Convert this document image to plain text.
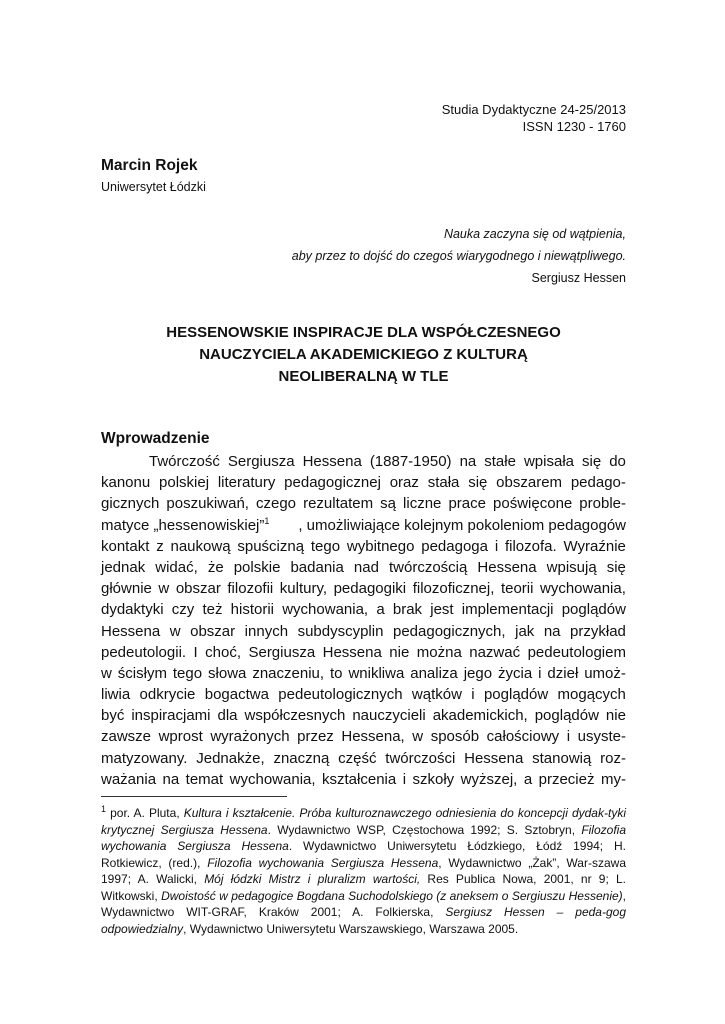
Studia Dydaktyczne 24-25/2013
ISSN 1230 - 1760
Marcin Rojek
Uniwersytet Łódzki
Nauka zaczyna się od wątpienia,
aby przez to dojść do czegoś wiarygodnego i niewątpliwego.
Sergiusz Hessen
HESSENOWSKIE INSPIRACJE DLA WSPÓŁCZESNEGO
NAUCZYCIELA AKADEMICKIEGO Z KULTURĄ
NEOLIBERALNĄ W TLE
Wprowadzenie
Twórczość Sergiusza Hessena (1887-1950) na stałe wpisała się do
kanonu polskiej literatury pedagogicznej oraz stała się obszarem pedago-
gicznych poszukiwań, czego rezultatem są liczne prace poświęcone proble-
matyce „hessenowiskiej”$^1$ , umożliwiające kolejnym pokoleniom pedagogów
kontakt z naukową spuścizną tego wybitnego pedagoga i filozofa. Wyraźnie
jednak widać, że polskie badania nad twórczością Hessena wpisują się
głównie w obszar filozofii kultury, pedagogiki filozoficznej, teorii wychowania,
dydaktyki czy też historii wychowania, a brak jest implementacji poglądów
Hessena w obszar innych subdyscyplin pedagogicznych, jak na przykład
pedeutologii. I choć, Sergiusza Hessena nie można nazwać pedeutologiem
w ścisłym tego słowa znaczeniu, to wnikliwa analiza jego życia i dzieł umoż-
liwia odkrycie bogactwa pedeutologicznych wątków i poglądów mogących
być inspiracjami dla współczesnych nauczycieli akademickich, poglądów nie
zawsze wprost wyrażonych przez Hessena, w sposób całościowy i usyste-
matyzowany. Jednakże, znaczną część twórczości Hessena stanowią roz-
ważania na temat wychowania, kształcenia i szkoły wyższej, a przecież my-
$^1$ por. A. Pluta, Kultura i kształcenie. Próba kulturoznawczego odniesienia do koncepcji dydak-tyki krytycznej Sergiusza Hessena. Wydawnictwo WSP, Częstochowa 1992; S. Sztobryn, Filozofia wychowania Sergiusza Hessena. Wydawnictwo Uniwersytetu Łódzkiego, Łódź 1994; H. Rotkiewicz, (red.), Filozofia wychowania Sergiusza Hessena, Wydawnictwo „Żak”, War-szawa 1997; A. Walicki, Mój łódzki Mistrz i pluralizm wartości, Res Publica Nowa, 2001, nr 9; L. Witkowski, Dwoistość w pedagogice Bogdana Suchodolskiego (z aneksem o Sergiuszu Hessenie), Wydawnictwo WIT-GRAF, Kraków 2001; A. Folkierska, Sergiusz Hessen – peda-gog odpowiedzialny, Wydawnictwo Uniwersytetu Warszawskiego, Warszawa 2005.
